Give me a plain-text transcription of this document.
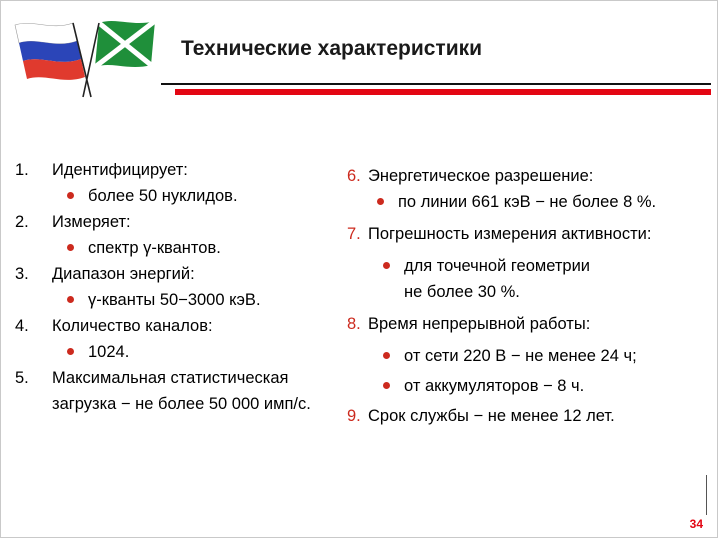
Технические характеристики
1. Идентифицирует:
более 50 нуклидов.
2. Измеряет:
спектр γ-квантов.
3. Диапазон энергий:
γ-кванты 50−3000 кэВ.
4. Количество каналов:
1024.
5. Максимальная статистическая
загрузка − не более 50 000 имп/с.
6. Энергетическое разрешение:
по линии 661 кэВ − не более 8 %.
7. Погрешность измерения активности:
для точечной геометрии
не более 30 %.
8. Время непрерывной работы:
от сети 220 В − не менее 24 ч;
от аккумуляторов − 8 ч.
9. Срок службы − не менее 12 лет.
34
